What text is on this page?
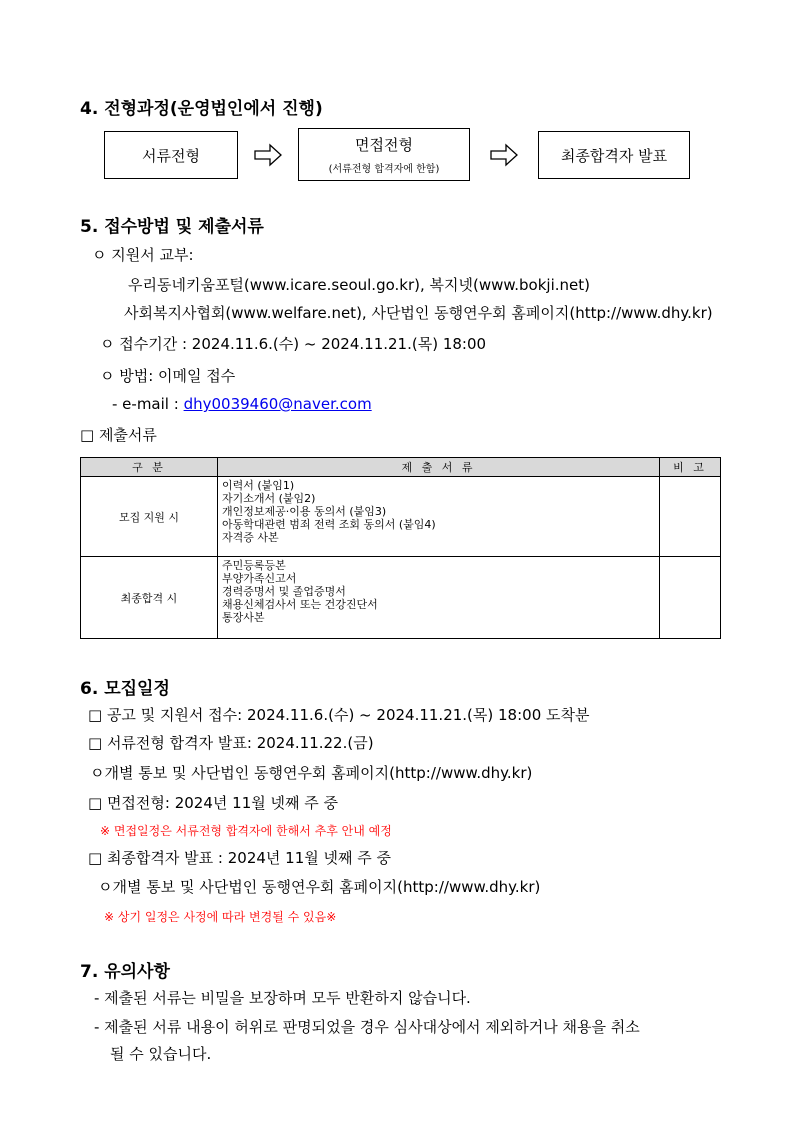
4. 전형과정(운영법인에서 진행)
서류전형
면접전형
(서류전형 합격자에 한함)
최종합격자 발표
5. 접수방법 및 제출서류
ㅇ 지원서 교부:
우리동네키움포털(www.icare.seoul.go.kr), 복지넷(www.bokji.net)
사회복지사협회(www.welfare.net), 사단법인 동행연우회 홈페이지(http://www.dhy.kr)
ㅇ 접수기간 : 2024.11.6.(수) ~ 2024.11.21.(목) 18:00
ㅇ 방법: 이메일 접수
- e-mail : dhy0039460@naver.com
□ 제출서류
구 분	제 출 서 류	비 고
모집 지원 시	이력서 (붙임1)
자기소개서 (붙임2)
개인정보제공·이용 동의서 (붙임3)
아동학대관련 범죄 전력 조회 동의서 (붙임4)
자격증 사본	

최종합격 시	주민등록등본
부양가족신고서
경력증명서 및 졸업증명서
채용신체검사서 또는 건강진단서
통장사본	

6. 모집일정
□ 공고 및 지원서 접수: 2024.11.6.(수) ~ 2024.11.21.(목) 18:00 도착분
□ 서류전형 합격자 발표: 2024.11.22.(금)
ㅇ개별 통보 및 사단법인 동행연우회 홈페이지(http://www.dhy.kr)
□ 면접전형: 2024년 11월 넷째 주 중
※ 면접일정은 서류전형 합격자에 한해서 추후 안내 예정
□ 최종합격자 발표 : 2024년 11월 넷째 주 중
ㅇ개별 통보 및 사단법인 동행연우회 홈페이지(http://www.dhy.kr)
※ 상기 일정은 사정에 따라 변경될 수 있음※
7. 유의사항
- 제출된 서류는 비밀을 보장하며 모두 반환하지 않습니다.
- 제출된 서류 내용이 허위로 판명되었을 경우 심사대상에서 제외하거나 채용을 취소
될 수 있습니다.
